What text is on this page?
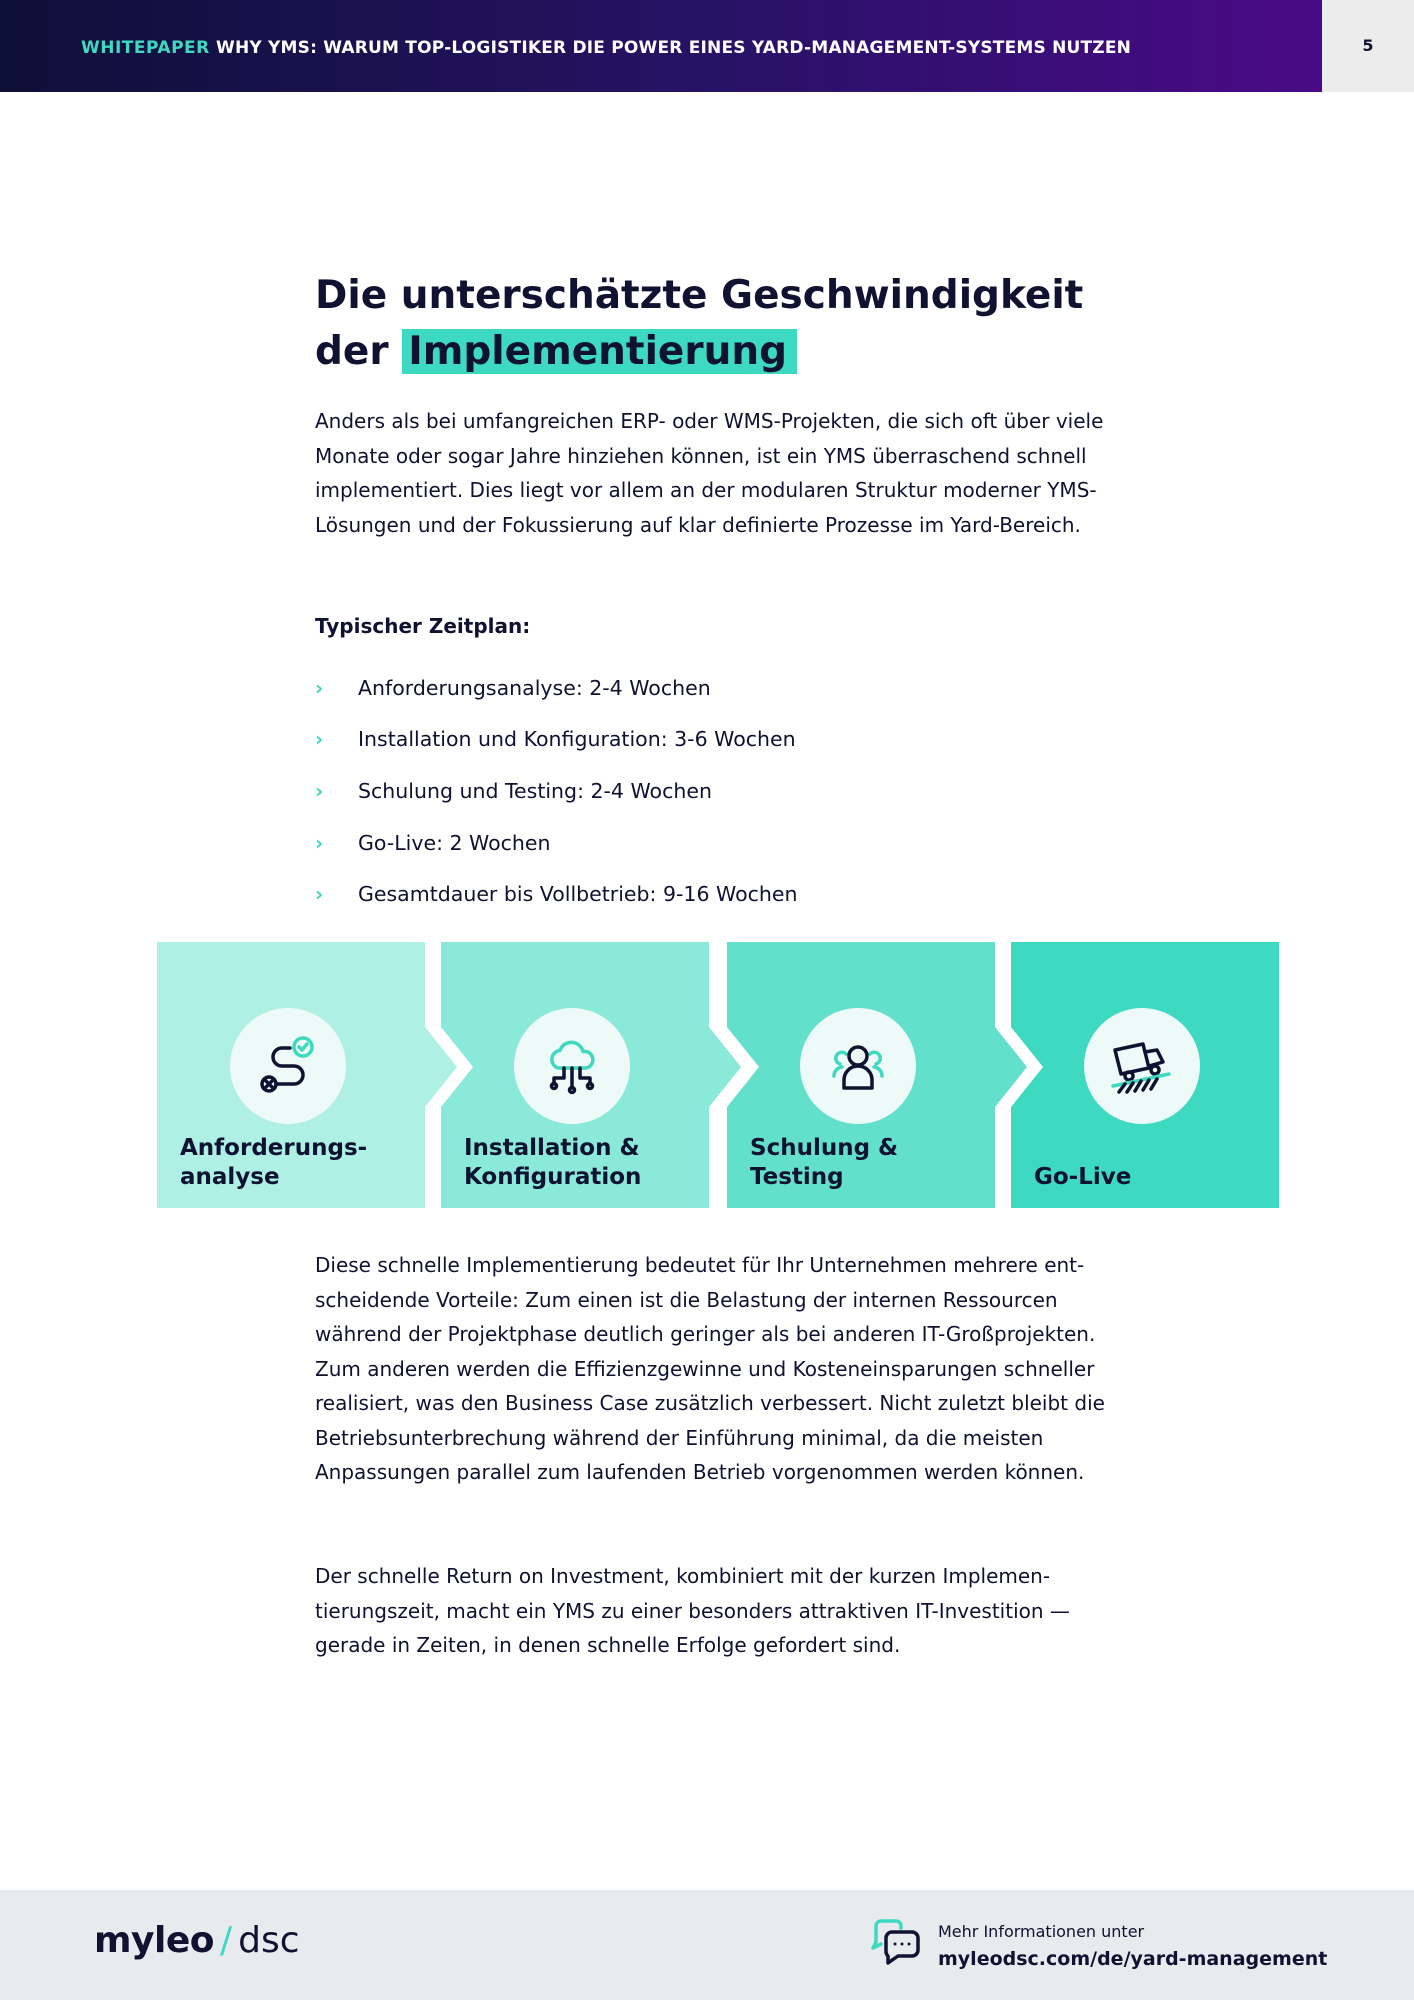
WHITEPAPER WHY YMS: WARUM TOP-LOGISTIKER DIE POWER EINES YARD-MANAGEMENT-SYSTEMS NUTZEN	5
Die unterschätzte Geschwindigkeit
der Implementierung

Anders als bei umfangreichen ERP- oder WMS-Projekten, die sich oft über viele Monate oder sogar Jahre hinziehen können, ist ein YMS überraschend schnell implementiert. Dies liegt vor allem an der modularen Struktur moderner YMS-Lösungen und der Fokussierung auf klar definierte Prozesse im Yard-Bereich.

Typischer Zeitplan:

›	Anforderungsanalyse: 2-4 Wochen
›	Installation und Konfiguration: 3-6 Wochen
›	Schulung und Testing: 2-4 Wochen
›	Go-Live: 2 Wochen
›	Gesamtdauer bis Vollbetrieb: 9-16 Wochen
Anforderungs-
analyse
Installation &
Konfiguration
Schulung &
Testing	Go-Live

Diese schnelle Implementierung bedeutet für Ihr Unternehmen mehrere entscheidende Vorteile: Zum einen ist die Belastung der internen Ressourcen während der Projektphase deutlich geringer als bei anderen IT-Großprojekten. Zum anderen werden die Effizienzgewinne und Kosteneinsparungen schneller realisiert, was den Business Case zusätzlich verbessert. Nicht zuletzt bleibt die Betriebsunterbrechung während der Einführung minimal, da die meisten Anpassungen parallel zum laufenden Betrieb vorgenommen werden können.

Der schnelle Return on Investment, kombiniert mit der kurzen Implementierungszeit, macht ein YMS zu einer besonders attraktiven IT-Investition — gerade in Zeiten, in denen schnelle Erfolge gefordert sind.

myleo / dsc	Mehr Informationen unter
myleodsc.com/de/yard-management
